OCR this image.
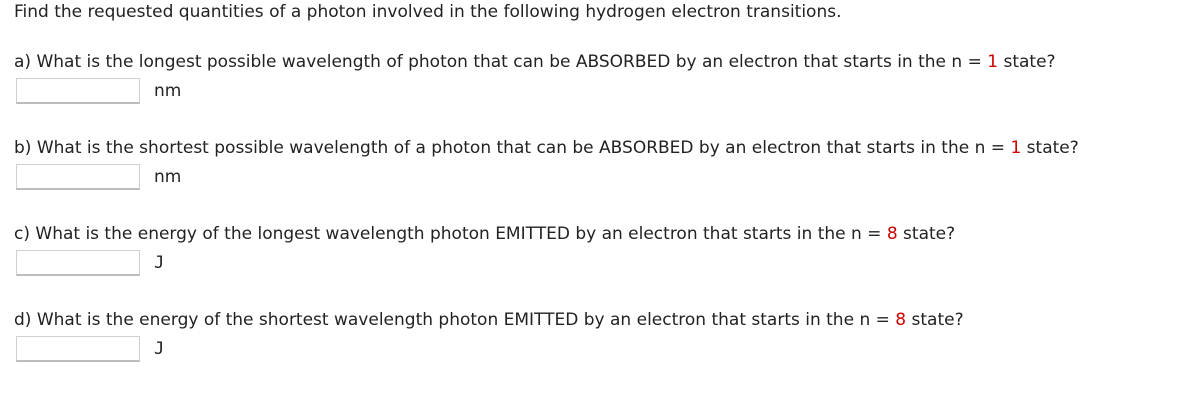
Find the requested quantities of a photon involved in the following hydrogen electron transitions.
a) What is the longest possible wavelength of photon that can be ABSORBED by an electron that starts in the n = 1 state?
nm
b) What is the shortest possible wavelength of a photon that can be ABSORBED by an electron that starts in the n = 1 state?
nm
c) What is the energy of the longest wavelength photon EMITTED by an electron that starts in the n = 8 state?
J
d) What is the energy of the shortest wavelength photon EMITTED by an electron that starts in the n = 8 state?
J
